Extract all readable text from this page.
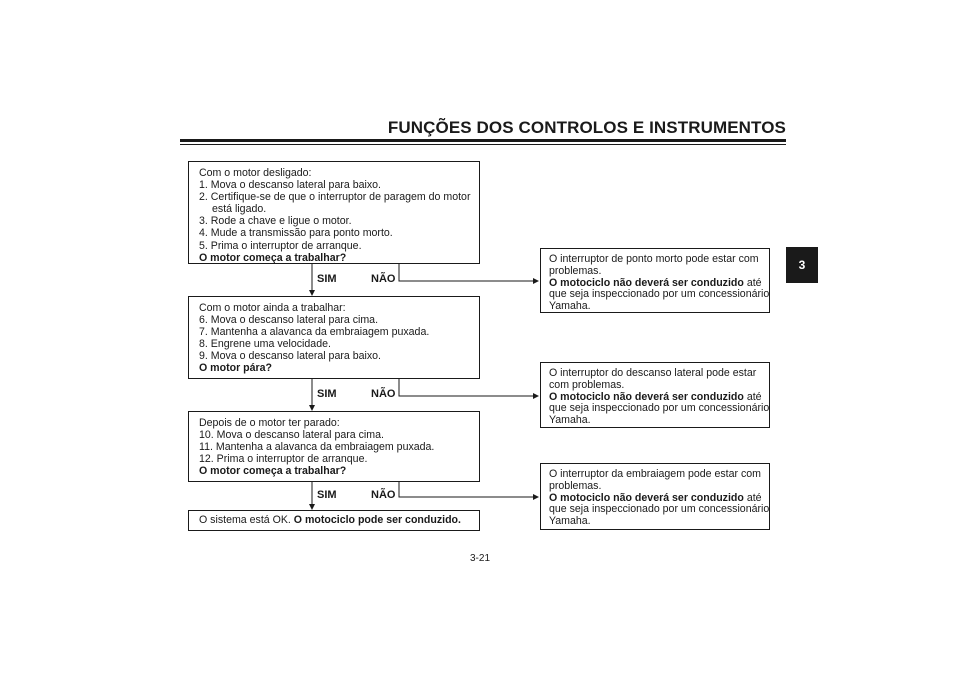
FUNÇÕES DOS CONTROLOS E INSTRUMENTOS
3
Com o motor desligado:
1. Mova o descanso lateral para baixo.
2. Certifique-se de que o interruptor de paragem do motor
está ligado.
3. Rode a chave e ligue o motor.
4. Mude a transmissão para ponto morto.
5. Prima o interruptor de arranque.
O motor começa a trabalhar?
SIM	NÃO
Com o motor ainda a trabalhar:
6. Mova o descanso lateral para cima.
7. Mantenha a alavanca da embraiagem puxada.
8. Engrene uma velocidade.
9. Mova o descanso lateral para baixo.
O motor pára?
SIM	NÃO
Depois de o motor ter parado:
10. Mova o descanso lateral para cima.
11. Mantenha a alavanca da embraiagem puxada.
12. Prima o interruptor de arranque.
O motor começa a trabalhar?
SIM	NÃO
O sistema está OK. O motociclo pode ser conduzido.
O interruptor de ponto morto pode estar com
problemas.
O motociclo não deverá ser conduzido até
que seja inspeccionado por um concessionário
Yamaha.
O interruptor do descanso lateral pode estar
com problemas.
O motociclo não deverá ser conduzido até
que seja inspeccionado por um concessionário
Yamaha.
O interruptor da embraiagem pode estar com
problemas.
O motociclo não deverá ser conduzido até
que seja inspeccionado por um concessionário
Yamaha.
3-21
